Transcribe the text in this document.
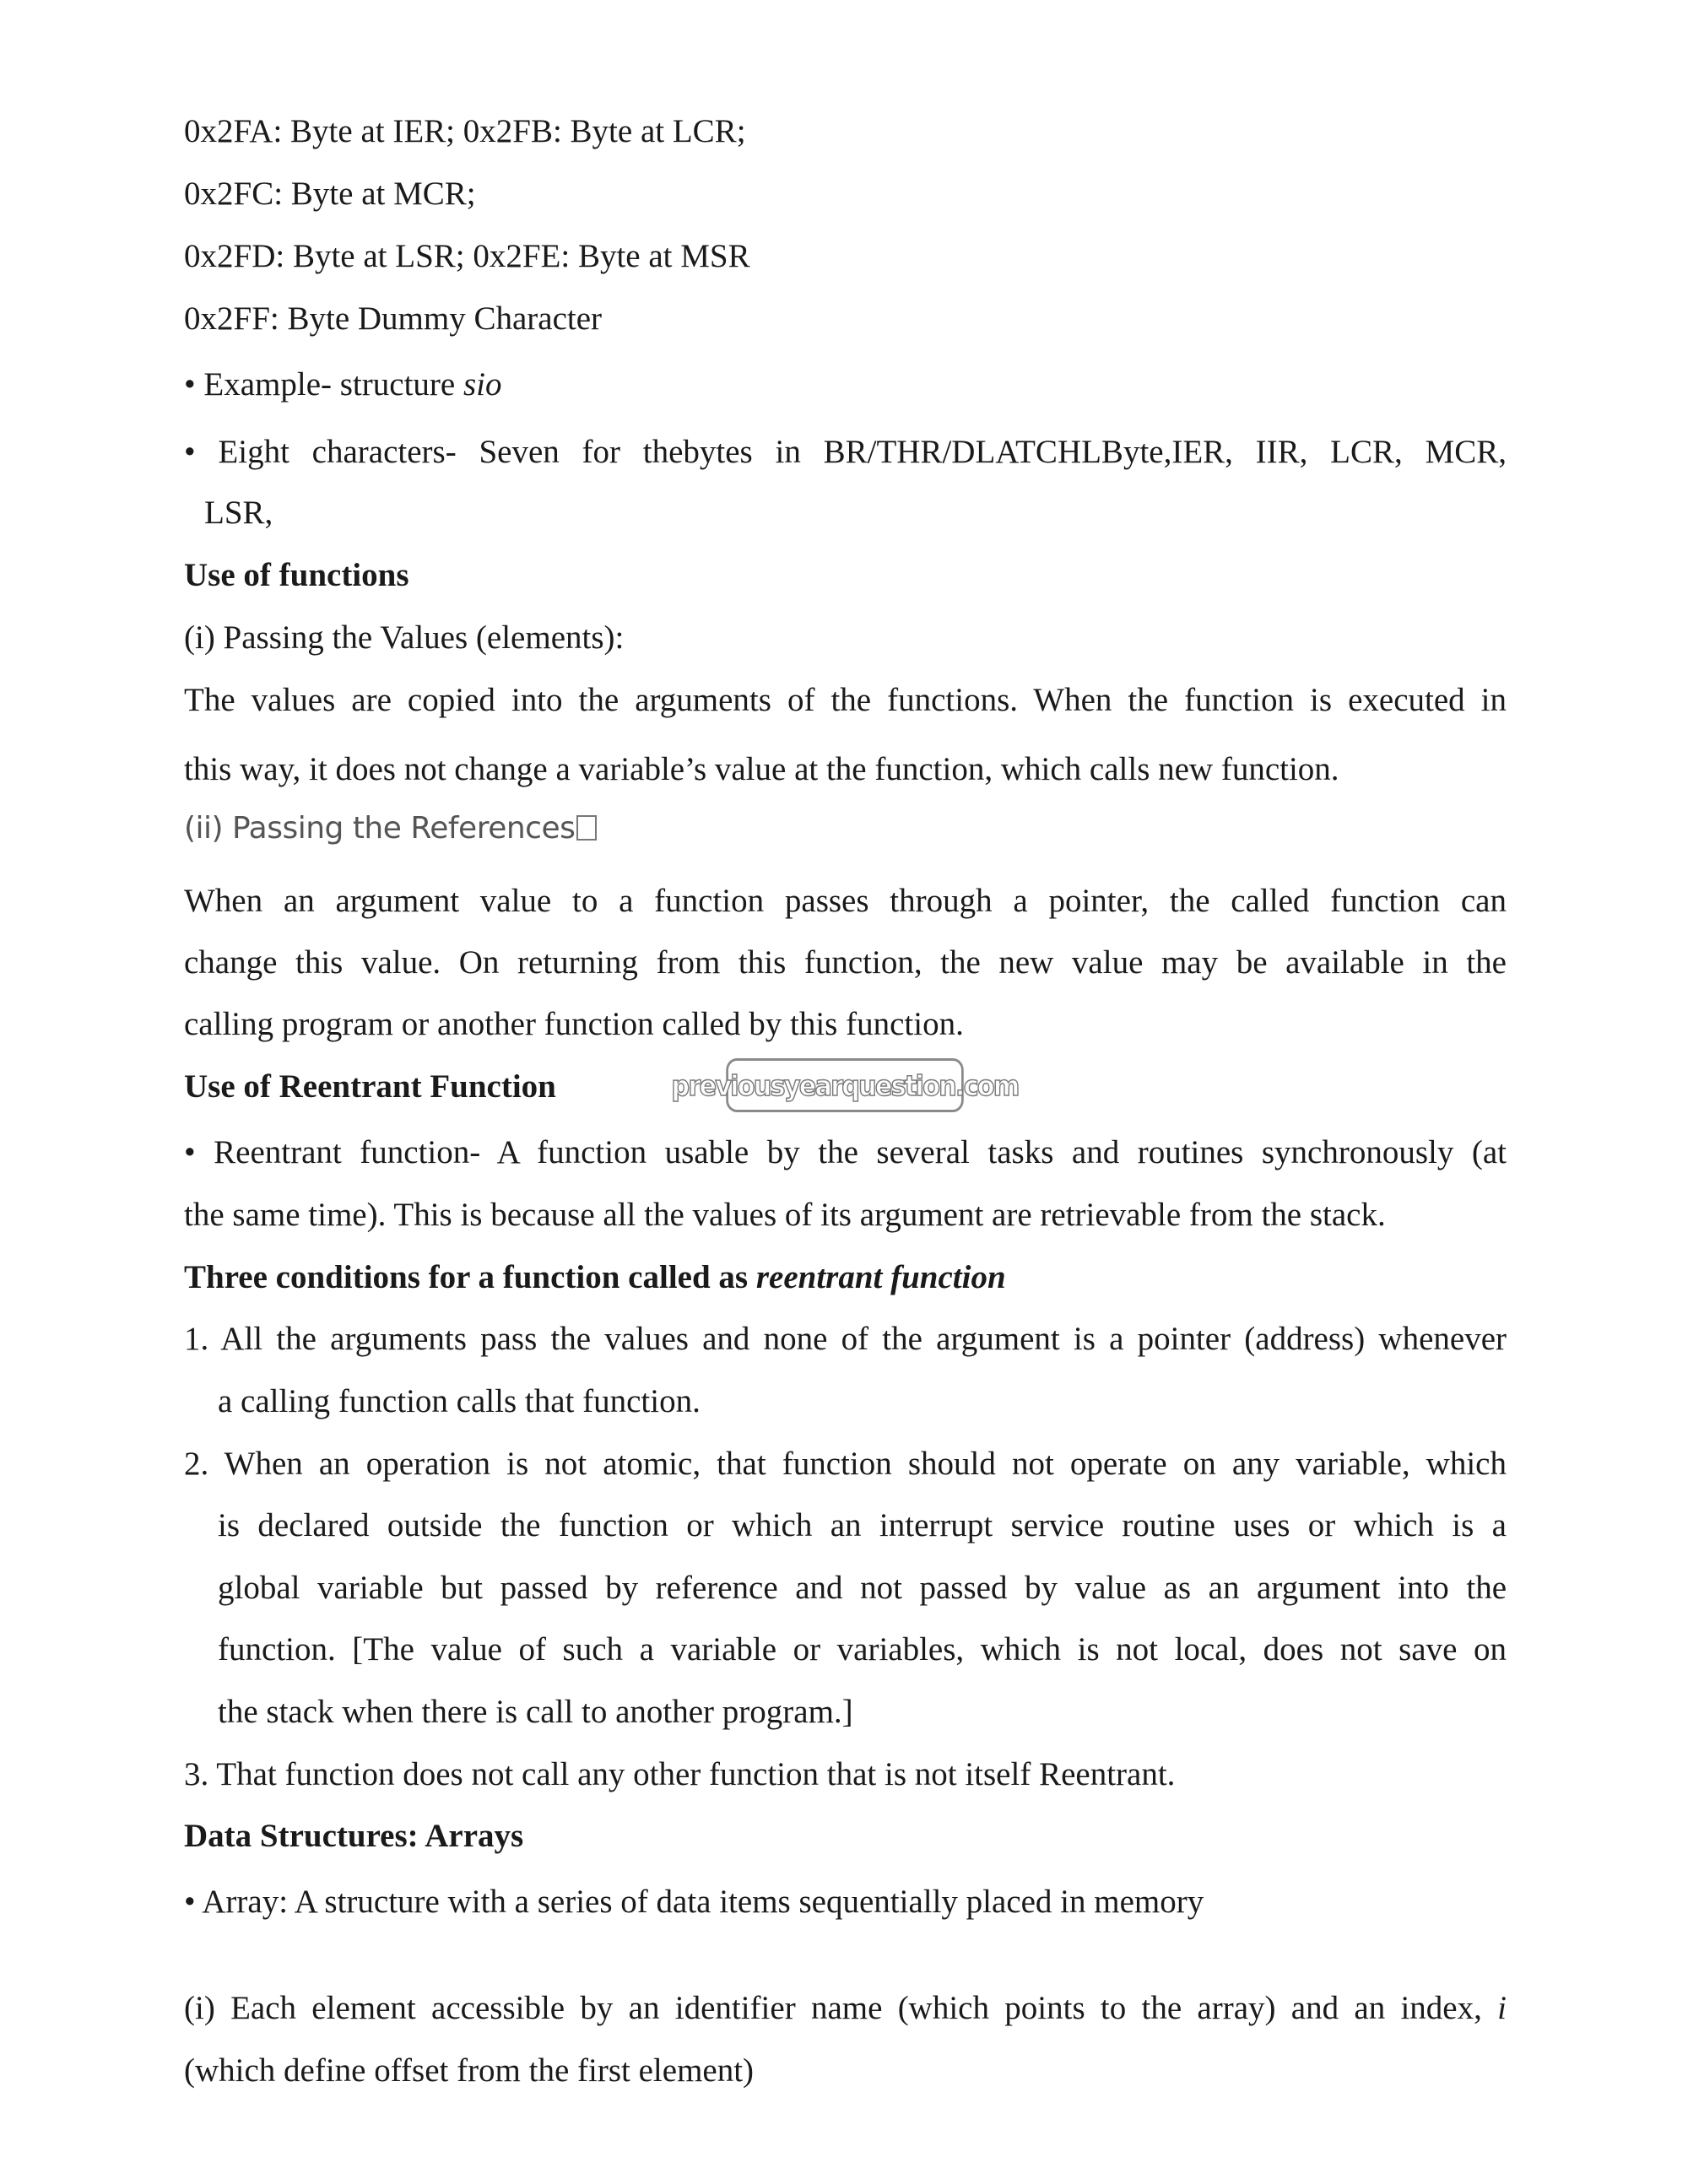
0x2FA: Byte at IER; 0x2FB: Byte at LCR;
0x2FC: Byte at MCR;
0x2FD: Byte at LSR; 0x2FE: Byte at MSR
0x2FF: Byte Dummy Character
• Example- structure sio
• Eight characters- Seven for thebytes in BR/THR/DLATCHLByte,IER, IIR, LCR, MCR,
LSR,
Use of functions
(i) Passing the Values (elements):
The values are copied into the arguments of the functions. When the function is executed in
this way, it does not change a variable’s value at the function, which calls new function.
(ii) Passing the References
When an argument value to a function passes through a pointer, the called function can
change this value. On returning from this function, the new value may be available in the
calling program or another function called by this function.
Use of Reentrant Function	previousyearquestion.com
• Reentrant function- A function usable by the several tasks and routines synchronously (at
the same time). This is because all the values of its argument are retrievable from the stack.
Three conditions for a function called as reentrant function
1. All the arguments pass the values and none of the argument is a pointer (address) whenever
a calling function calls that function.
2. When an operation is not atomic, that function should not operate on any variable, which
is declared outside the function or which an interrupt service routine uses or which is a
global variable but passed by reference and not passed by value as an argument into the
function. [The value of such a variable or variables, which is not local, does not save on
the stack when there is call to another program.]
3. That function does not call any other function that is not itself Reentrant.
Data Structures: Arrays
• Array: A structure with a series of data items sequentially placed in memory
(i) Each element accessible by an identifier name (which points to the array) and an index, i
(which define offset from the first element)
